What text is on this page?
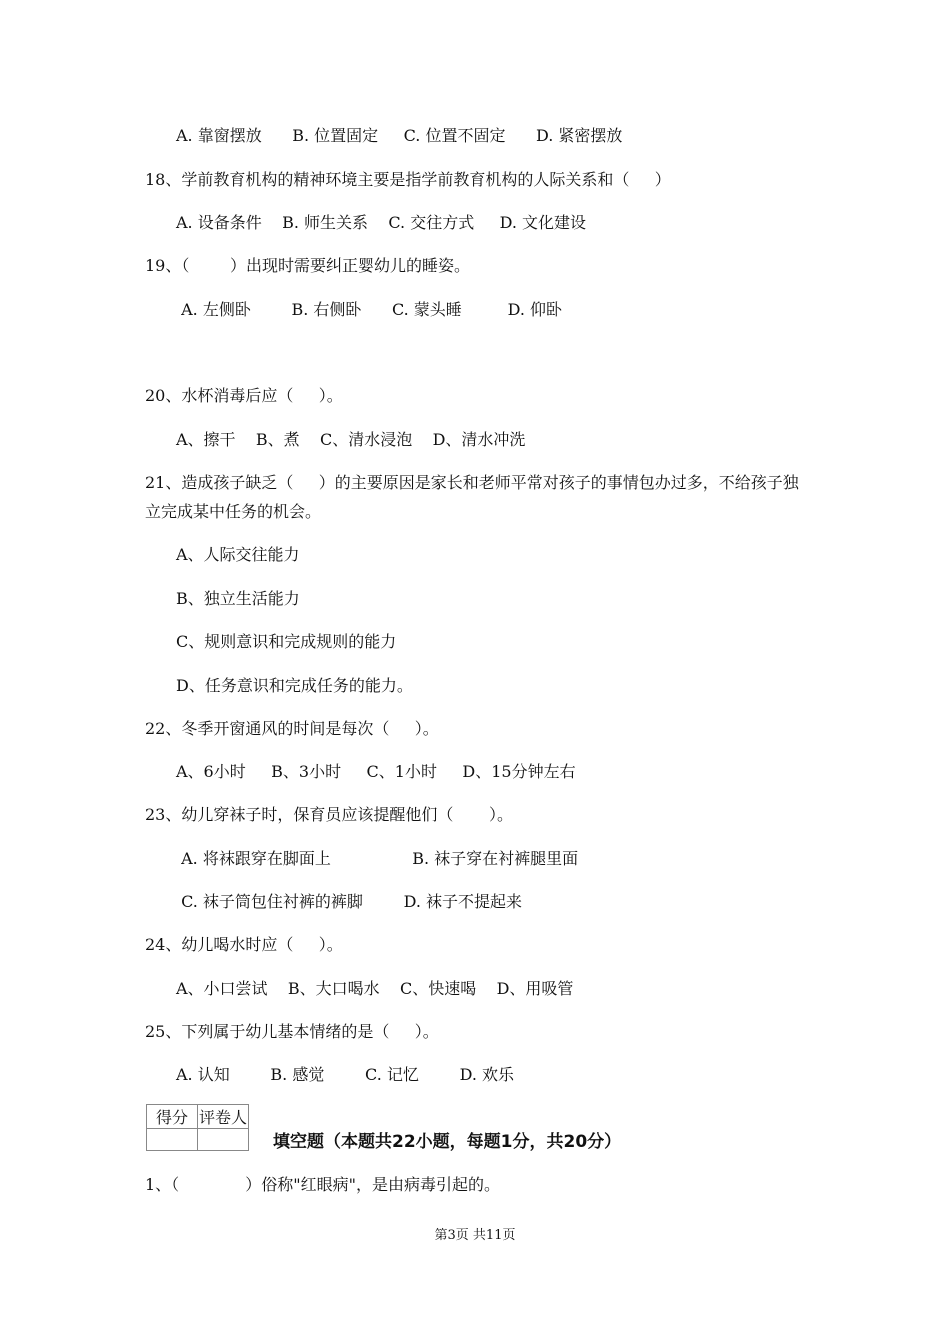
A. 靠窗摆放      B. 位置固定     C. 位置不固定      D. 紧密摆放
18、学前教育机构的精神环境主要是指学前教育机构的人际关系和（     ）
A. 设备条件    B. 师生关系    C. 交往方式     D. 文化建设
19、（        ）出现时需要纠正婴幼儿的睡姿。
A. 左侧卧        B. 右侧卧      C. 蒙头睡         D. 仰卧
20、水杯消毒后应（     ）。
A、擦干    B、煮    C、清水浸泡    D、清水冲洗
21、造成孩子缺乏（     ）的主要原因是家长和老师平常对孩子的事情包办过多，不给孩子独
立完成某中任务的机会。
A、人际交往能力
B、独立生活能力
C、规则意识和完成规则的能力
D、任务意识和完成任务的能力。
22、冬季开窗通风的时间是每次（     ）。
A、6小时     B、3小时     C、1小时     D、15分钟左右
23、幼儿穿袜子时，保育员应该提醒他们（       ）。
A. 将袜跟穿在脚面上                B. 袜子穿在衬裤腿里面
C. 袜子筒包住衬裤的裤脚        D. 袜子不提起来
24、幼儿喝水时应（     ）。
A、小口尝试    B、大口喝水    C、快速喝    D、用吸管
25、下列属于幼儿基本情绪的是（     ）。
A. 认知        B. 感觉        C. 记忆        D. 欢乐
1、（             ）俗称"红眼病"，是由病毒引起的。
得分	评卷人

填空题（本题共22小题，每题1分，共20分）
第3页 共11页
